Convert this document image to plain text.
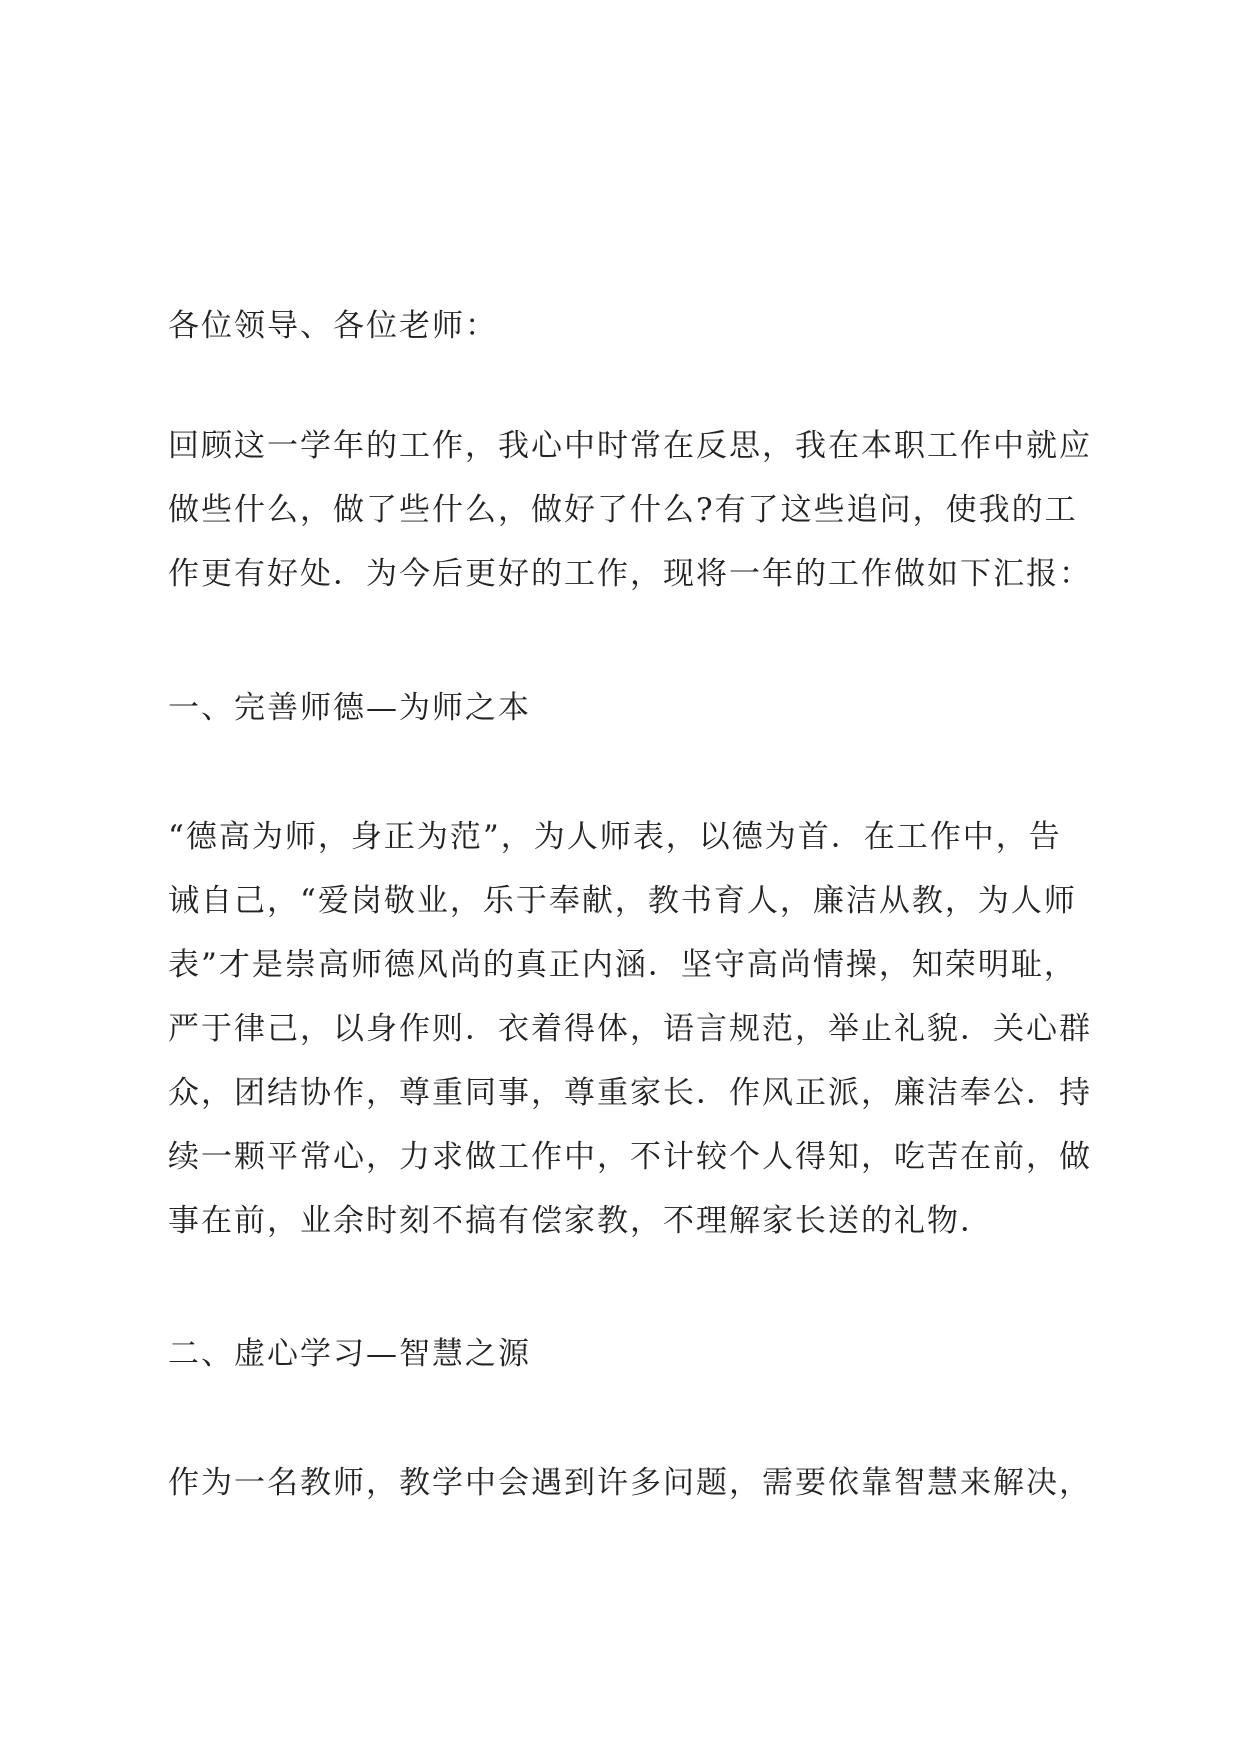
各位领导、各位老师：
回顾这一学年的工作，我心中时常在反思，我在本职工作中就应
做些什么，做了些什么，做好了什么?有了这些追问，使我的工
作更有好处．为今后更好的工作，现将一年的工作做如下汇报：
一、完善师德—为师之本
“德高为师，身正为范”，为人师表，以德为首．在工作中，告
诫自己，“爱岗敬业，乐于奉献，教书育人，廉洁从教，为人师
表”才是崇高师德风尚的真正内涵．坚守高尚情操，知荣明耻，
严于律己，以身作则．衣着得体，语言规范，举止礼貌．关心群
众，团结协作，尊重同事，尊重家长．作风正派，廉洁奉公．持
续一颗平常心，力求做工作中，不计较个人得知，吃苦在前，做
事在前，业余时刻不搞有偿家教，不理解家长送的礼物．
二、虚心学习—智慧之源
作为一名教师，教学中会遇到许多问题，需要依靠智慧来解决，
